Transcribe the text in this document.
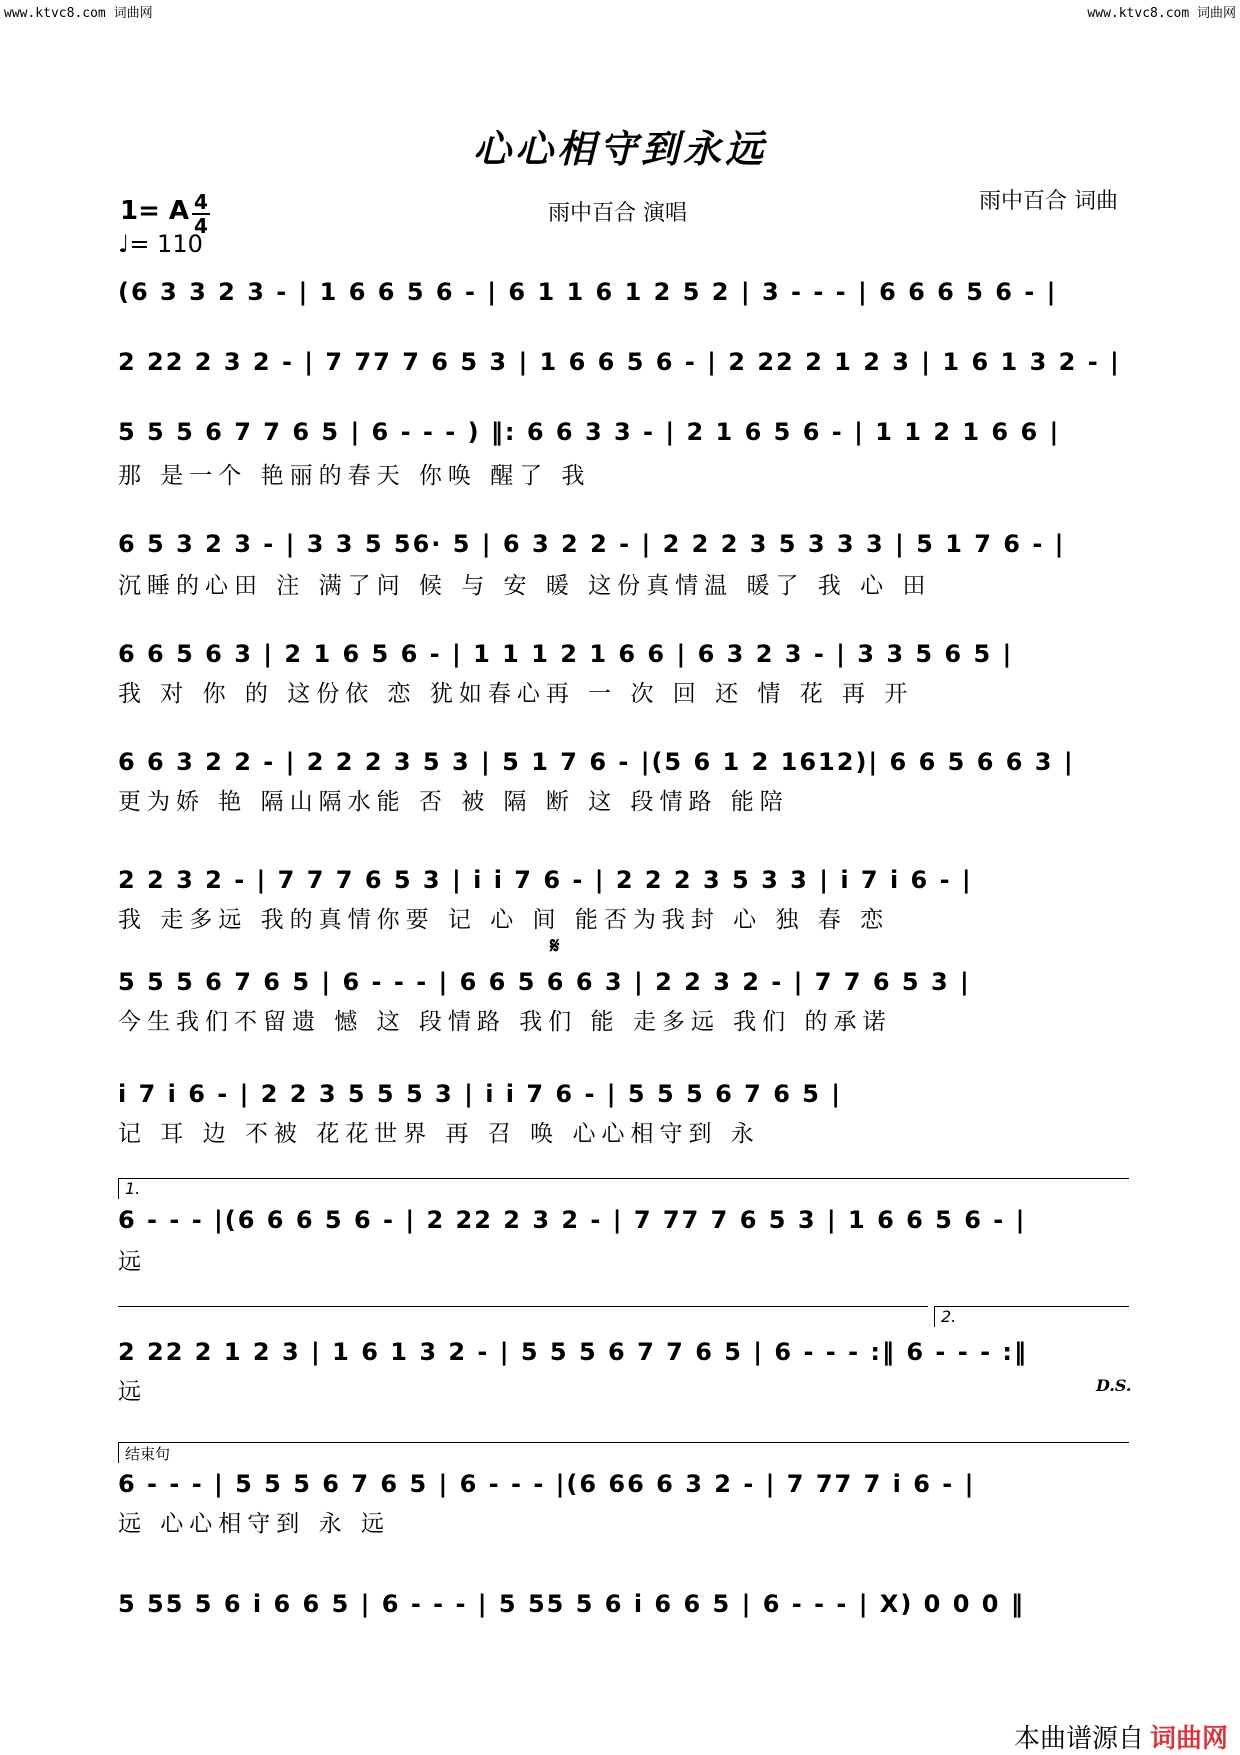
www.ktvc8.com 词曲网	www.ktvc8.com 词曲网
心心相守到永远
1= A 4
4
♩= 110
雨中百合 演唱	雨中百合 词曲
(6 3 3 2 3 - | 1 6 6 5 6 - | 6 1 1 6 1 2 5 2 | 3 - - - | 6 6 6 5 6 - |
2 22 2 3 2 - | 7 77 7 6 5 3 | 1 6 6 5 6 - | 2 22 2 1 2 3 | 1 6 1 3 2 - |
5 5 5 6 7 7 6 5 | 6 - - - ) ‖: 6 6 3 3 - | 2 1 6 5 6 - | 1 1 2 1 6 6 |
那 是一个 艳丽的春天 你唤 醒了 我
6 5 3 2 3 - | 3 3 5 56· 5 | 6 3 2 2 - | 2 2 2 3 5 3 3 3 | 5 1 7 6 - |
沉睡的心田 注 满了问 候 与 安 暖 这份真情温 暖了 我 心 田
6 6 5 6 3 | 2 1 6 5 6 - | 1 1 1 2 1 6 6 | 6 3 2 3 - | 3 3 5 6 5 |
我 对 你 的 这份依 恋 犹如春心再 一 次 回 还 情 花 再 开
6 6 3 2 2 - | 2 2 2 3 5 3 | 5 1 7 6 - |(5 6 1 2 1612)| 6 6 5 6 6 3 |
更为娇 艳 隔山隔水能 否 被 隔 断 这 段情路 能陪
2 2 3 2 - | 7 7 7 6 5 3 | i i 7 6 - | 2 2 2 3 5 3 3 | i 7 i 6 - |
我 走多远 我的真情你要 记 心 间 能否为我封 心 独 春 恋
𝄋
5 5 5 6 7 6 5 | 6 - - - | 6 6 5 6 6 3 | 2 2 3 2 - | 7 7 6 5 3 |
今生我们不留遗 憾 这 段情路 我们 能 走多远 我们 的承诺
i 7 i 6 - | 2 2 3 5 5 5 3 | i i 7 6 - | 5 5 5 6 7 6 5 |
记 耳 边 不被 花花世界 再 召 唤 心心相守到 永
1.
6 - - - |(6 6 6 5 6 - | 2 22 2 3 2 - | 7 77 7 6 5 3 | 1 6 6 5 6 - |
远
2.
2 22 2 1 2 3 | 1 6 1 3 2 - | 5 5 5 6 7 7 6 5 | 6 - - - :‖ 6 - - - :‖
远	D.S.
结束句
6 - - - | 5 5 5 6 7 6 5 | 6 - - - |(6 66 6 3 2 - | 7 77 7 i 6 - |
远 心心相守到 永 远
5 55 5 6 i 6 6 5 | 6 - - - | 5 55 5 6 i 6 6 5 | 6 - - - | X) 0 0 0 ‖
本曲谱源自 词曲网
